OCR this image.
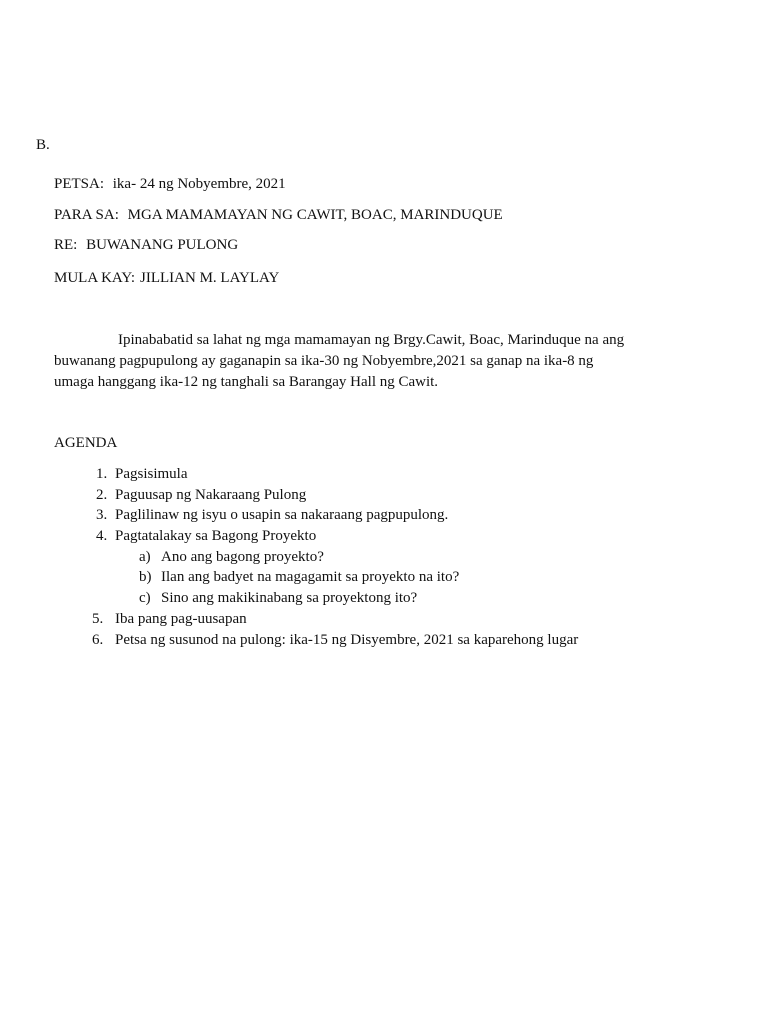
B.
PETSA: ika- 24 ng Nobyembre, 2021
PARA SA: MGA MAMAMAYAN NG CAWIT, BOAC, MARINDUQUE
RE: BUWANANG PULONG
MULA KAY: JILLIAN M. LAYLAY

Ipinababatid sa lahat ng mga mamamayan ng Brgy.Cawit, Boac, Marinduque na ang
buwanang pagpupulong ay gaganapin sa ika-30 ng Nobyembre,2021 sa ganap na ika-8 ng
umaga hanggang ika-12 ng tanghali sa Barangay Hall ng Cawit.

AGENDA
1. Pagsisimula
2. Paguusap ng Nakaraang Pulong
3. Paglilinaw ng isyu o usapin sa nakaraang pagpupulong.
4. Pagtatalakay sa Bagong Proyekto
a) Ano ang bagong proyekto?
b) Ilan ang badyet na magagamit sa proyekto na ito?
c) Sino ang makikinabang sa proyektong ito?
5. Iba pang pag-uusapan
6. Petsa ng susunod na pulong: ika-15 ng Disyembre, 2021 sa kaparehong lugar
